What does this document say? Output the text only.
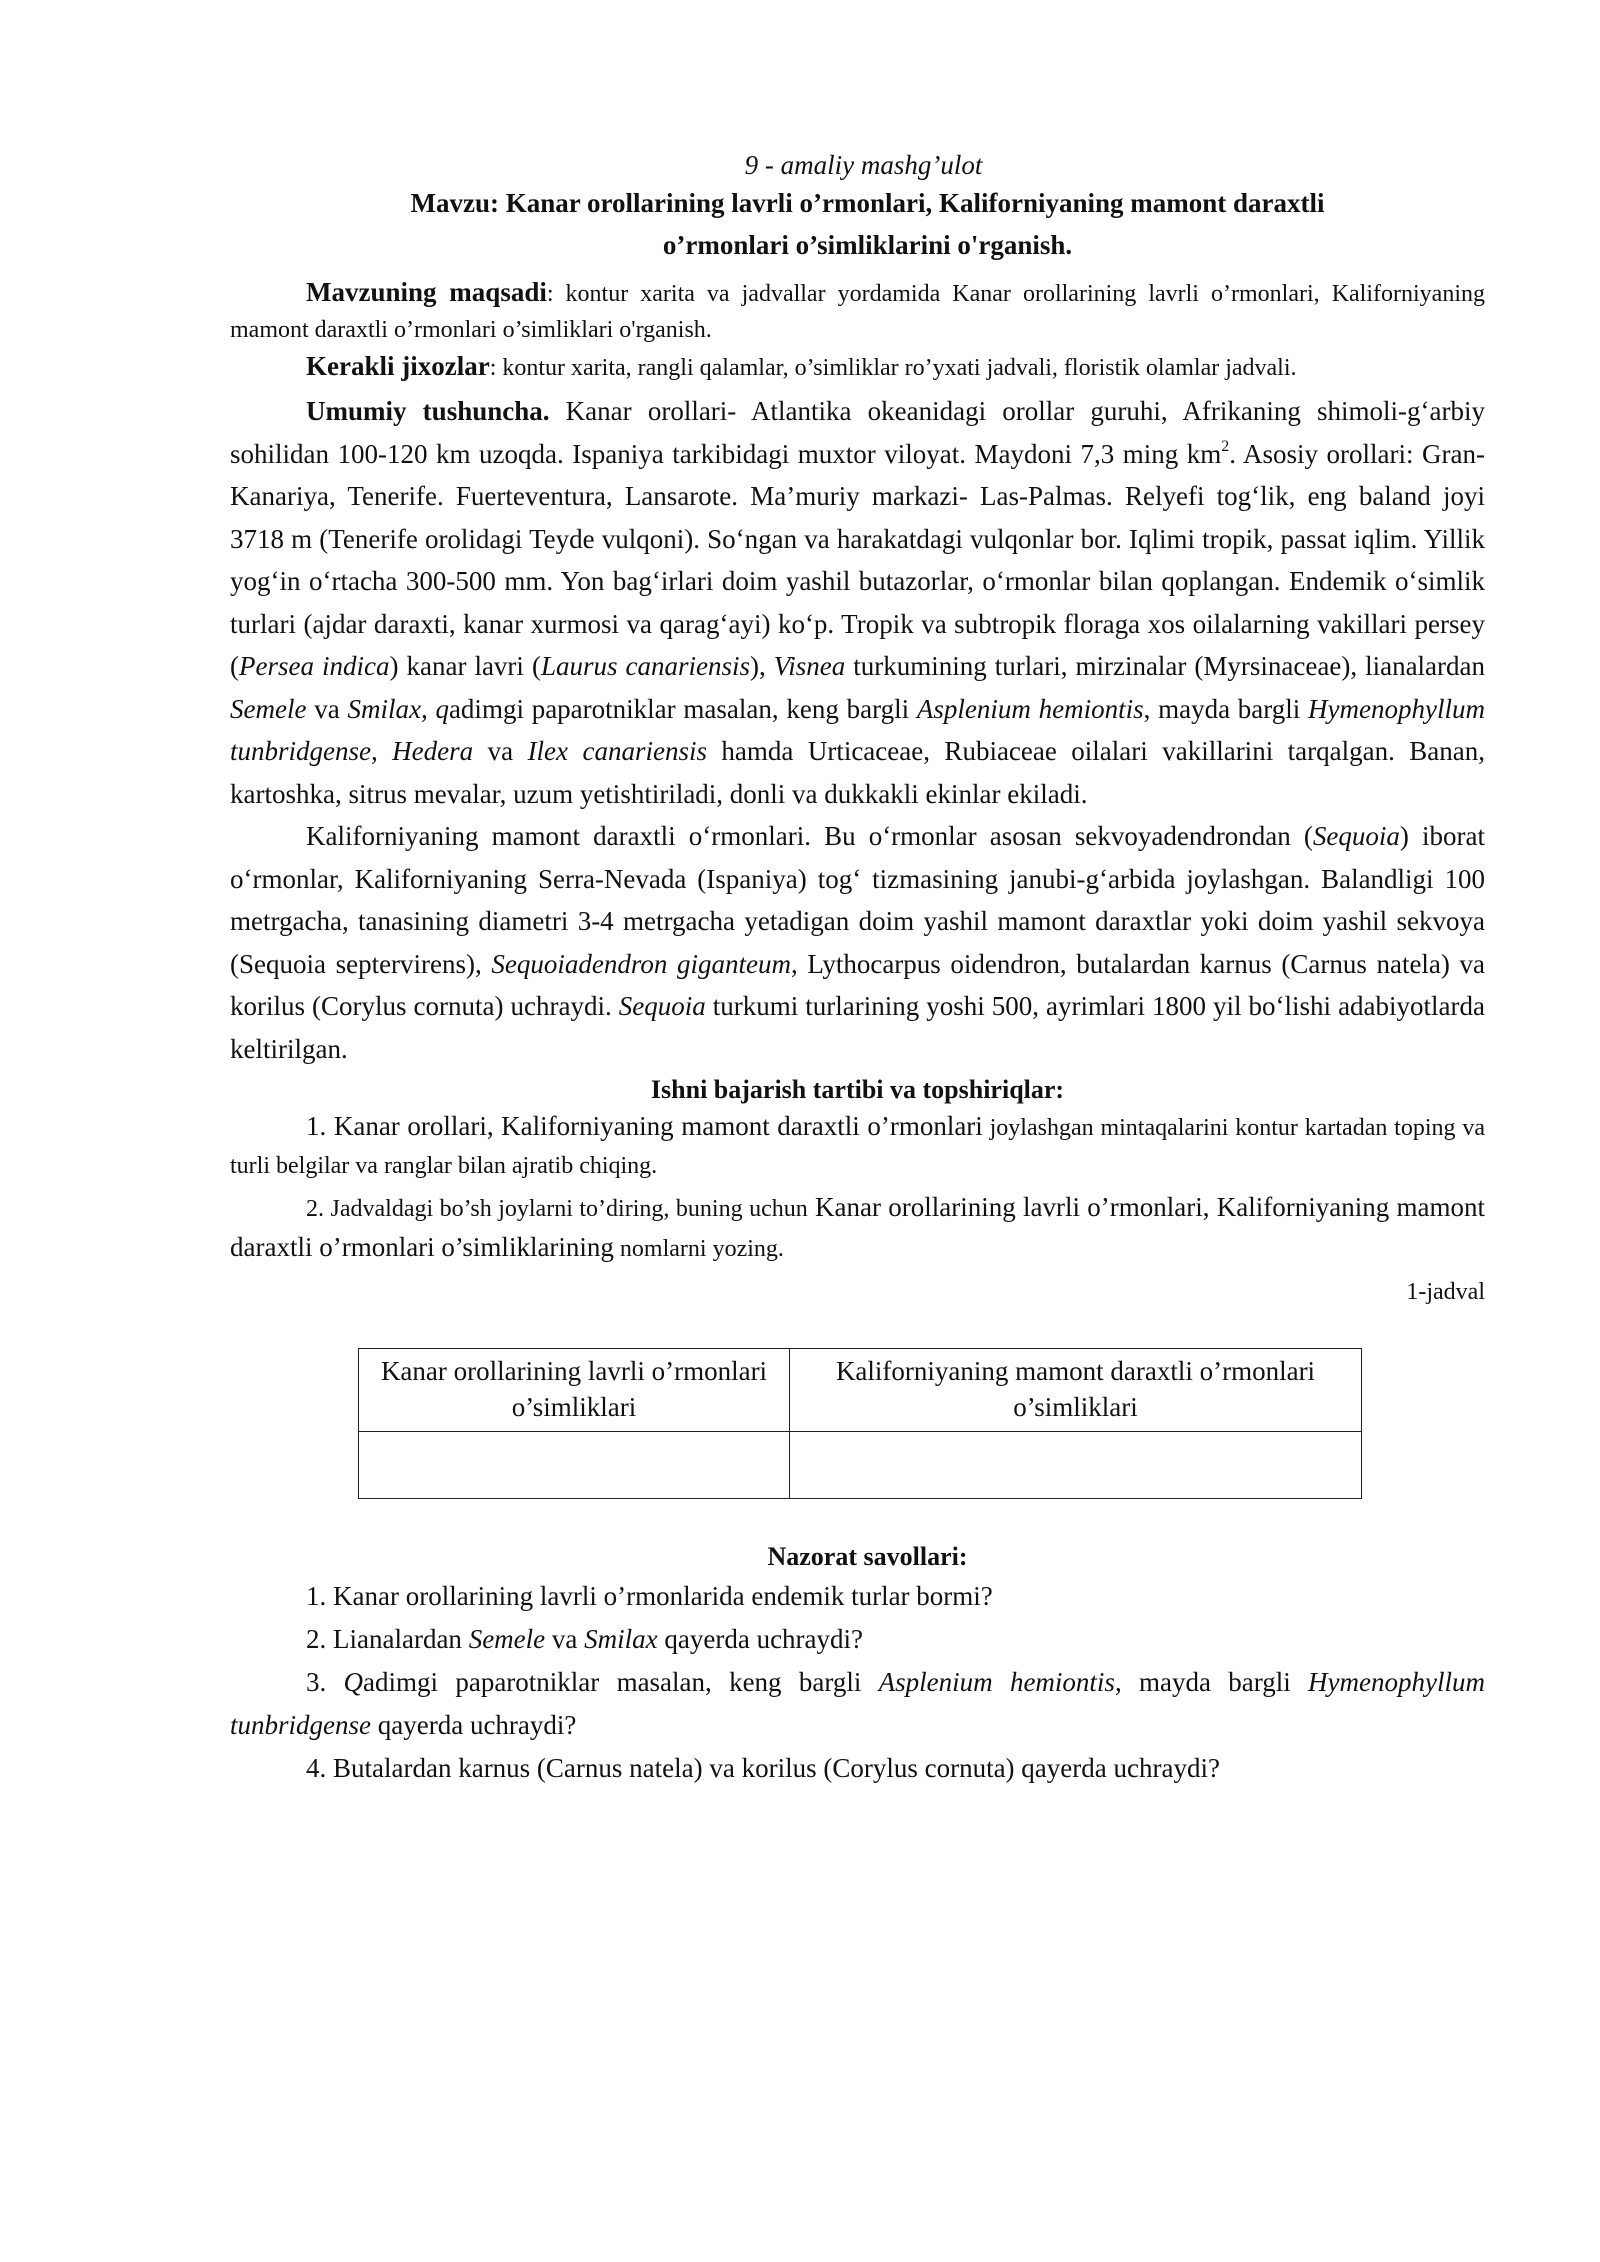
9 - amaliy mashg’ulot
Mavzu: Kanar orollarining lavrli o’rmonlari, Kaliforniyaning mamont daraxtli
o’rmonlari o’simliklarini o'rganish.

Mavzuning maqsadi: kontur xarita va jadvallar yordamida Kanar orollarining lavrli o’rmonlari, Kaliforniyaning mamont daraxtli o’rmonlari o’simliklari o'rganish.

Kerakli jixozlar: kontur xarita, rangli qalamlar, o’simliklar ro’yxati jadvali, floristik olamlar jadvali.

Umumiy tushuncha. Kanar orollari- Atlantika okeanidagi orollar guruhi, Afrikaning shimoli-g‘arbiy sohilidan 100-120 km uzoqda. Ispaniya tarkibidagi muxtor viloyat. Maydoni 7,3 ming $km^2$. Asosiy orollari: Gran-Kanariya, Tenerife. Fuerteventura, Lansarote. Ma’muriy markazi- Las-Palmas. Relyefi tog‘lik, eng baland joyi 3718 m (Tenerife orolidagi Teyde vulqoni). So‘ngan va harakatdagi vulqonlar bor. Iqlimi tropik, passat iqlim. Yillik yog‘in o‘rtacha 300-500 mm. Yon bag‘irlari doim yashil butazorlar, o‘rmonlar bilan qoplangan. Endemik o‘simlik turlari (ajdar daraxti, kanar xurmosi va qarag‘ayi) ko‘p. Tropik va subtropik floraga xos oilalarning vakillari persey (Persea indica) kanar lavri (Laurus canariensis), Visnea turkumining turlari, mirzinalar (Myrsinaceae), lianalardan Semele va Smilax, qadimgi paparotniklar masalan, keng bargli Asplenium hemiontis, mayda bargli Hymenophyllum tunbridgense, Hedera va Ilex canariensis hamda Urticaceae, Rubiaceae oilalari vakillarini tarqalgan. Banan, kartoshka, sitrus mevalar, uzum yetishtiriladi, donli va dukkakli ekinlar ekiladi.

Kaliforniyaning mamont daraxtli o‘rmonlari. Bu o‘rmonlar asosan sekvoyadendrondan (Sequoia) iborat o‘rmonlar, Kaliforniyaning Serra-Nevada (Ispaniya) tog‘ tizmasining janubi-g‘arbida joylashgan. Balandligi 100 metrgacha, tanasining diametri 3-4 metrgacha yetadigan doim yashil mamont daraxtlar yoki doim yashil sekvoya (Sequoia septervirens), Sequoiadendron giganteum, Lythocarpus oidendron, butalardan karnus (Carnus natela) va korilus (Corylus cornuta) uchraydi. Sequoia turkumi turlarining yoshi 500, ayrimlari 1800 yil bo‘lishi adabiyotlarda keltirilgan.

Ishni bajarish tartibi va topshiriqlar:

1. Kanar orollari, Kaliforniyaning mamont daraxtli o’rmonlari joylashgan mintaqalarini kontur kartadan toping va turli belgilar va ranglar bilan ajratib chiqing.

2. Jadvaldagi bo’sh joylarni to’diring, buning uchun Kanar orollarining lavrli o’rmonlari, Kaliforniyaning mamont daraxtli o’rmonlari o’simliklarining nomlarni yozing.

1-jadval
Kanar orollarining lavrli o’rmonlari o’simliklari	Kaliforniyaning mamont daraxtli o’rmonlari o’simliklari

Nazorat savollari:

1. Kanar orollarining lavrli o’rmonlarida endemik turlar bormi?

2. Lianalardan Semele va Smilax qayerda uchraydi?

3. Qadimgi paparotniklar masalan, keng bargli Asplenium hemiontis, mayda bargli Hymenophyllum tunbridgense qayerda uchraydi?

4. Butalardan karnus (Carnus natela) va korilus (Corylus cornuta) qayerda uchraydi?
